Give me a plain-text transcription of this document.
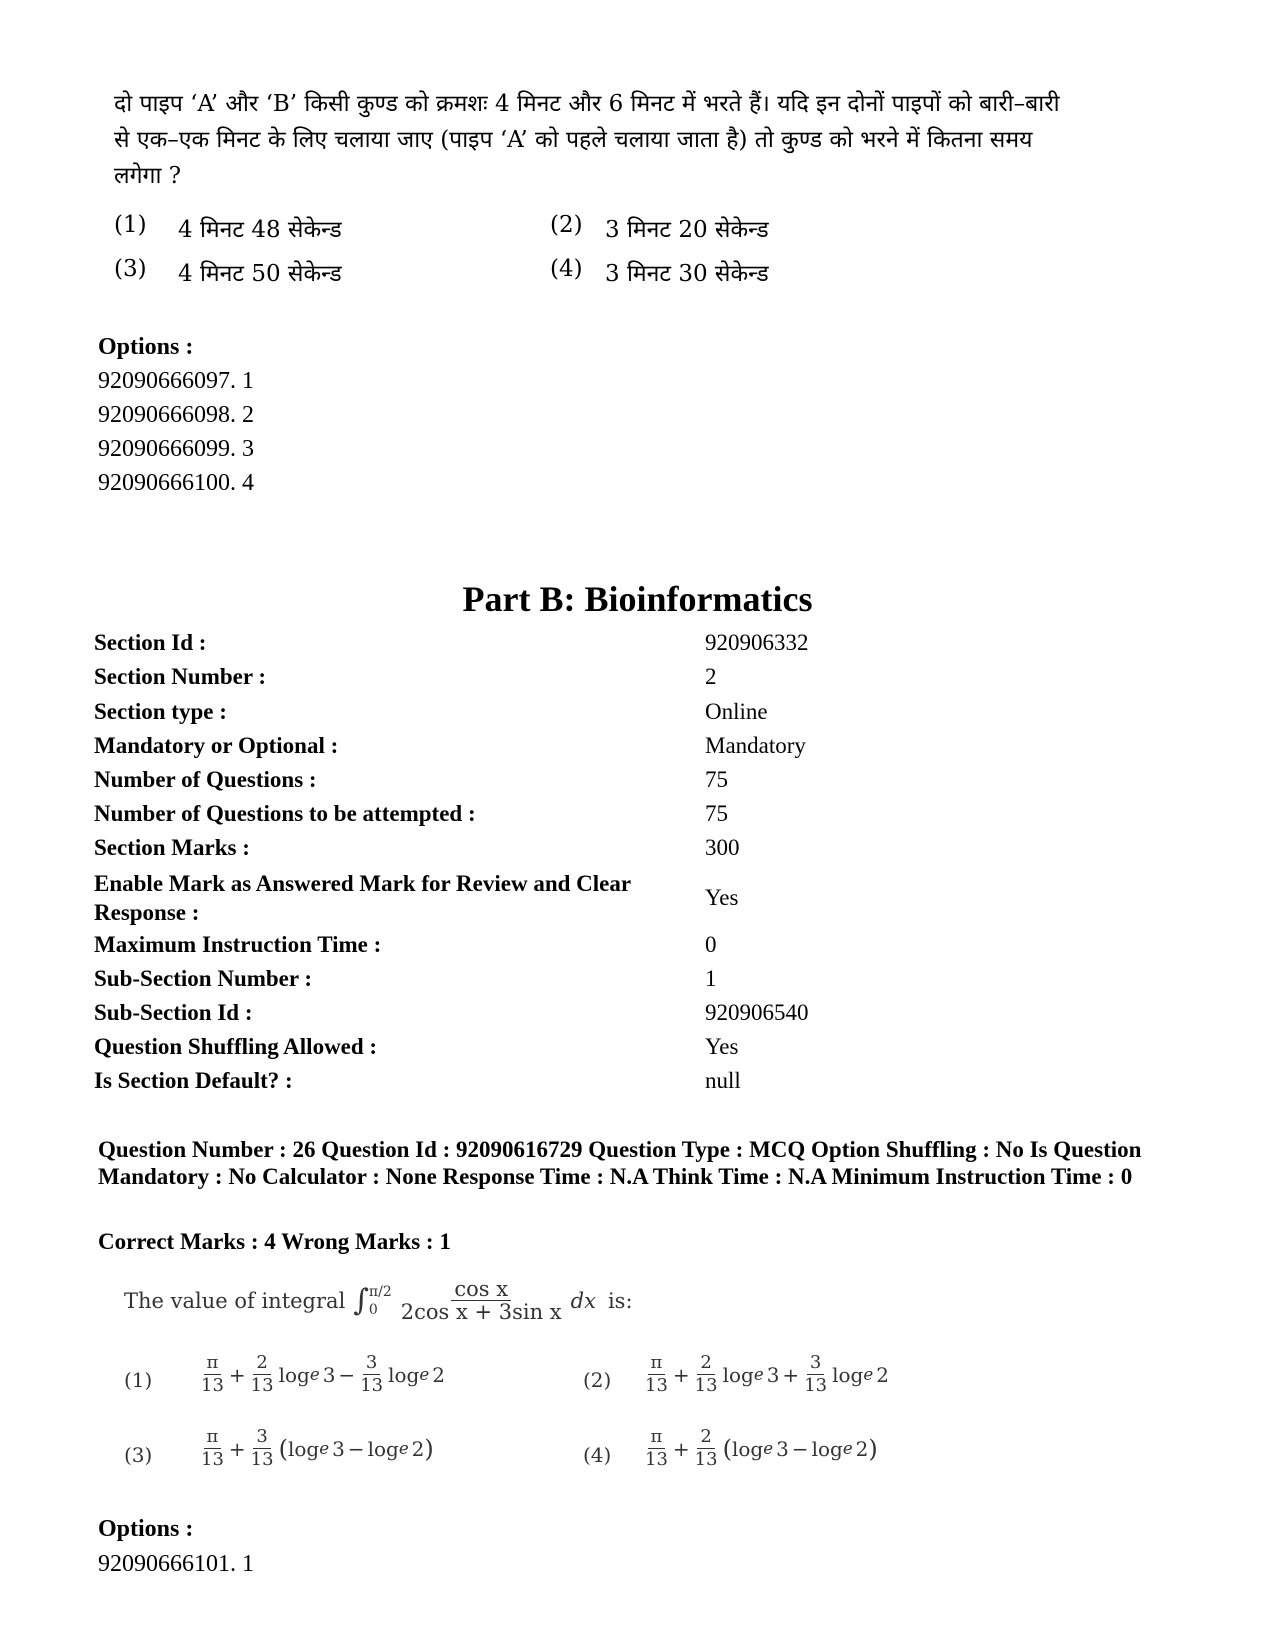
दो पाइप ‘A’ और ‘B’ किसी कुण्ड को क्रमशः 4 मिनट और 6 मिनट में भरते हैं। यदि इन दोनों पाइपों को बारी–बारी से एक–एक मिनट के लिए चलाया जाए (पाइप ‘A’ को पहले चलाया जाता है) तो कुण्ड को भरने में कितना समय लगेगा ?
(1) 4 मिनट 48 सेकेन्ड	(2) 3 मिनट 20 सेकेन्ड
(3) 4 मिनट 50 सेकेन्ड	(4) 3 मिनट 30 सेकेन्ड
Options :
92090666097. 1
92090666098. 2
92090666099. 3
92090666100. 4
Part B: Bioinformatics
Section Id :	920906332
Section Number :	2
Section type :	Online
Mandatory or Optional :	Mandatory
Number of Questions :	75
Number of Questions to be attempted :	75
Section Marks :	300
Enable Mark as Answered Mark for Review and Clear Response :
Yes
Maximum Instruction Time :	0
Sub-Section Number :	1
Sub-Section Id :	920906540
Question Shuffling Allowed :	Yes
Is Section Default? :	null
Question Number : 26 Question Id : 92090616729 Question Type : MCQ Option Shuffling : No Is Question Mandatory : No Calculator : None Response Time : N.A Think Time : N.A Minimum Instruction Time : 0
Correct Marks : 4 Wrong Marks : 1
The value of integral ∫ π/2
$0 \frac{\text{cos x}}{\text{2cos x + 3sin x}}$ dx is:
(1)	$\frac{\pi}{13} + \frac{2}{13}$ log e $3 - \frac{3}{13}$ log e 2	$(2) \frac{\pi}{13} + \frac{2}{13}$ log e $3 + \frac{3}{13}$ log e 2
(3)	$\frac{\pi}{13} + \frac{3}{13}$ ( log e 3 − log e 2 )	$(4) \frac{\pi}{13} + \frac{2}{13}$ ( log e 3 − log e 2 )
Options :
92090666101. 1
